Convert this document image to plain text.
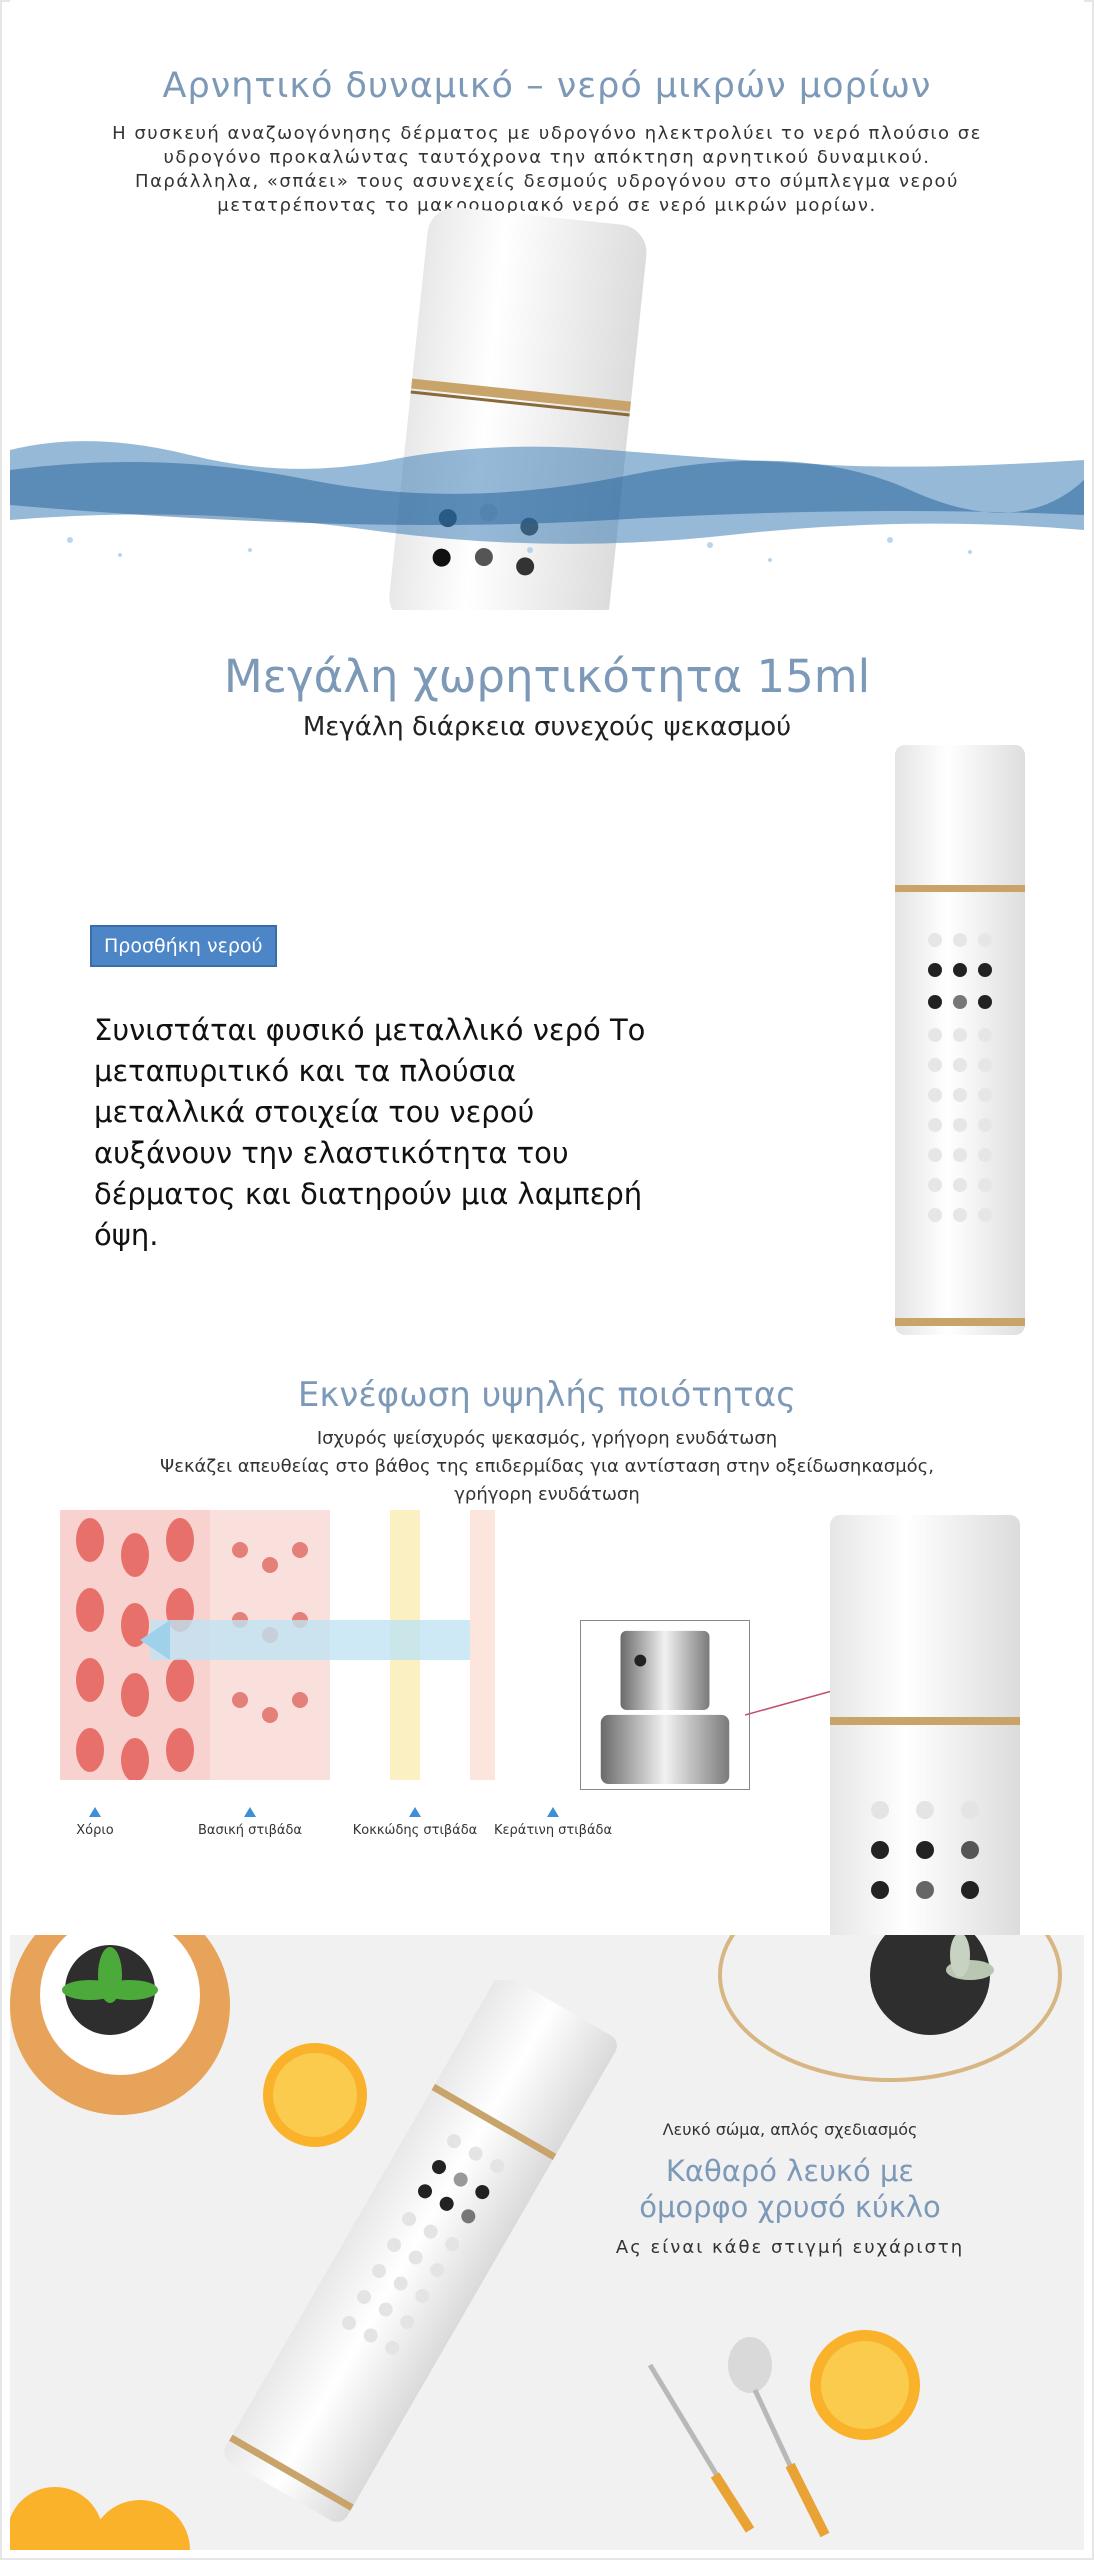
Αρνητικό δυναμικό – νερό μικρών μορίων
Η συσκευή αναζωογόνησης δέρματος με υδρογόνο ηλεκτρολύει το νερό πλούσιο σε υδρογόνο προκαλώντας ταυτόχρονα την απόκτηση αρνητικού δυναμικού. Παράλληλα, «σπάει» τους ασυνεχείς δεσμούς υδρογόνου στο σύμπλεγμα νερού μετατρέποντας το μακρομοριακό νερό σε νερό μικρών μορίων.
Μεγάλη χωρητικότητα 15ml
Μεγάλη διάρκεια συνεχούς ψεκασμού
Προσθήκη νερού
Συνιστάται φυσικό μεταλλικό νερό Το μεταπυριτικό και τα πλούσια μεταλλικά στοιχεία του νερού αυξάνουν την ελαστικότητα του δέρματος και διατηρούν μια λαμπερή όψη.
Εκνέφωση υψηλής ποιότητας
Ισχυρός ψείσχυρός ψεκασμός, γρήγορη ενυδάτωση
Ψεκάζει απευθείας στο βάθος της επιδερμίδας για αντίσταση στην οξείδωσηκασμός, γρήγορη ενυδάτωση
Χόριο	Βασική στιβάδα	Κοκκώδης στιβάδα	Κεράτινη στιβάδα
Λευκό σώμα, απλός σχεδιασμός
Καθαρό λευκό με
όμορφο χρυσό κύκλο
Ας είναι κάθε στιγμή ευχάριστη
